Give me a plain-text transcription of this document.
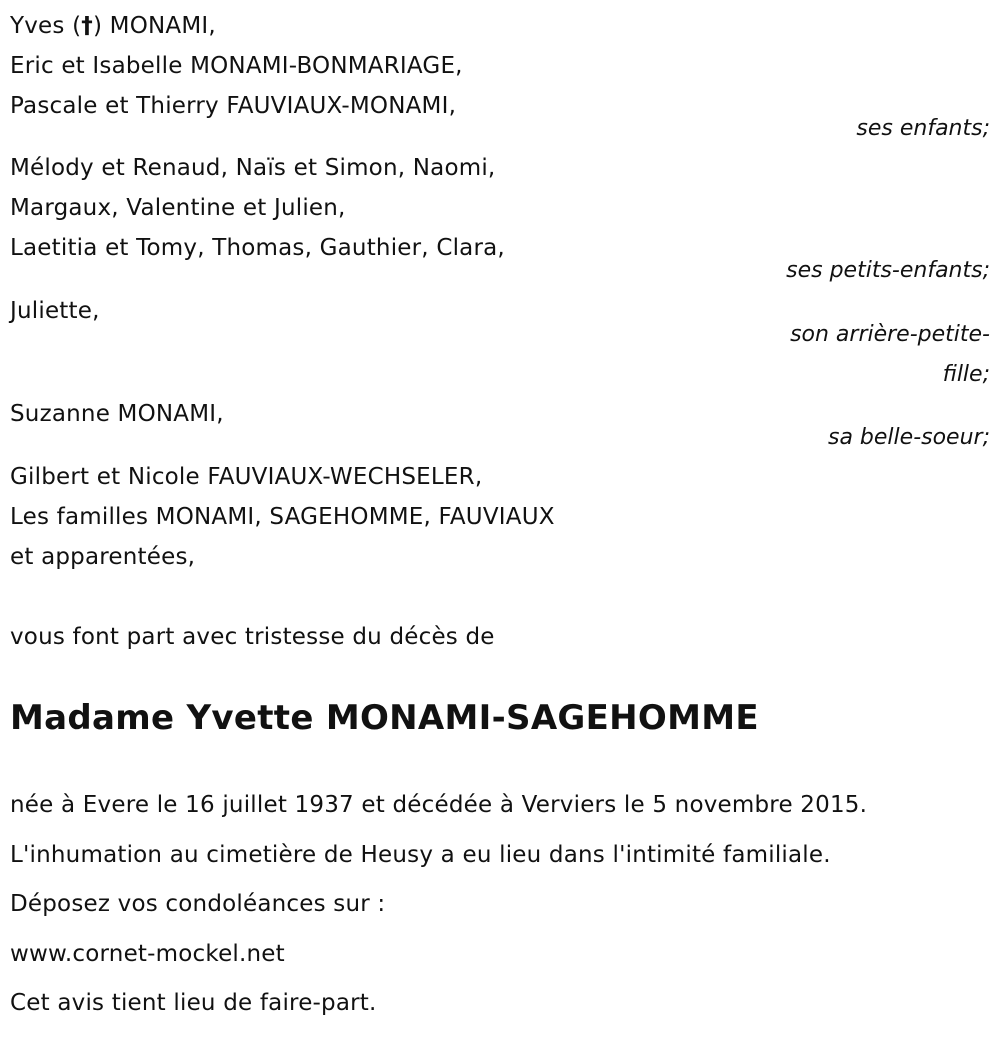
Yves (†) MONAMI,
Eric et Isabelle MONAMI-BONMARIAGE,
Pascale et Thierry FAUVIAUX-MONAMI,
ses enfants;
Mélody et Renaud, Naïs et Simon, Naomi,
Margaux, Valentine et Julien,
Laetitia et Tomy, Thomas, Gauthier, Clara,
ses petits-enfants;
Juliette,
son arrière-petite-
fille;
Suzanne MONAMI,
sa belle-soeur;
Gilbert et Nicole FAUVIAUX-WECHSELER,
Les familles MONAMI, SAGEHOMME, FAUVIAUX
et apparentées,
vous font part avec tristesse du décès de
Madame Yvette MONAMI-SAGEHOMME
née à Evere le 16 juillet 1937 et décédée à Verviers le 5 novembre 2015.
L'inhumation au cimetière de Heusy a eu lieu dans l'intimité familiale.
Déposez vos condoléances sur :
www.cornet-mockel.net
Cet avis tient lieu de faire-part.
